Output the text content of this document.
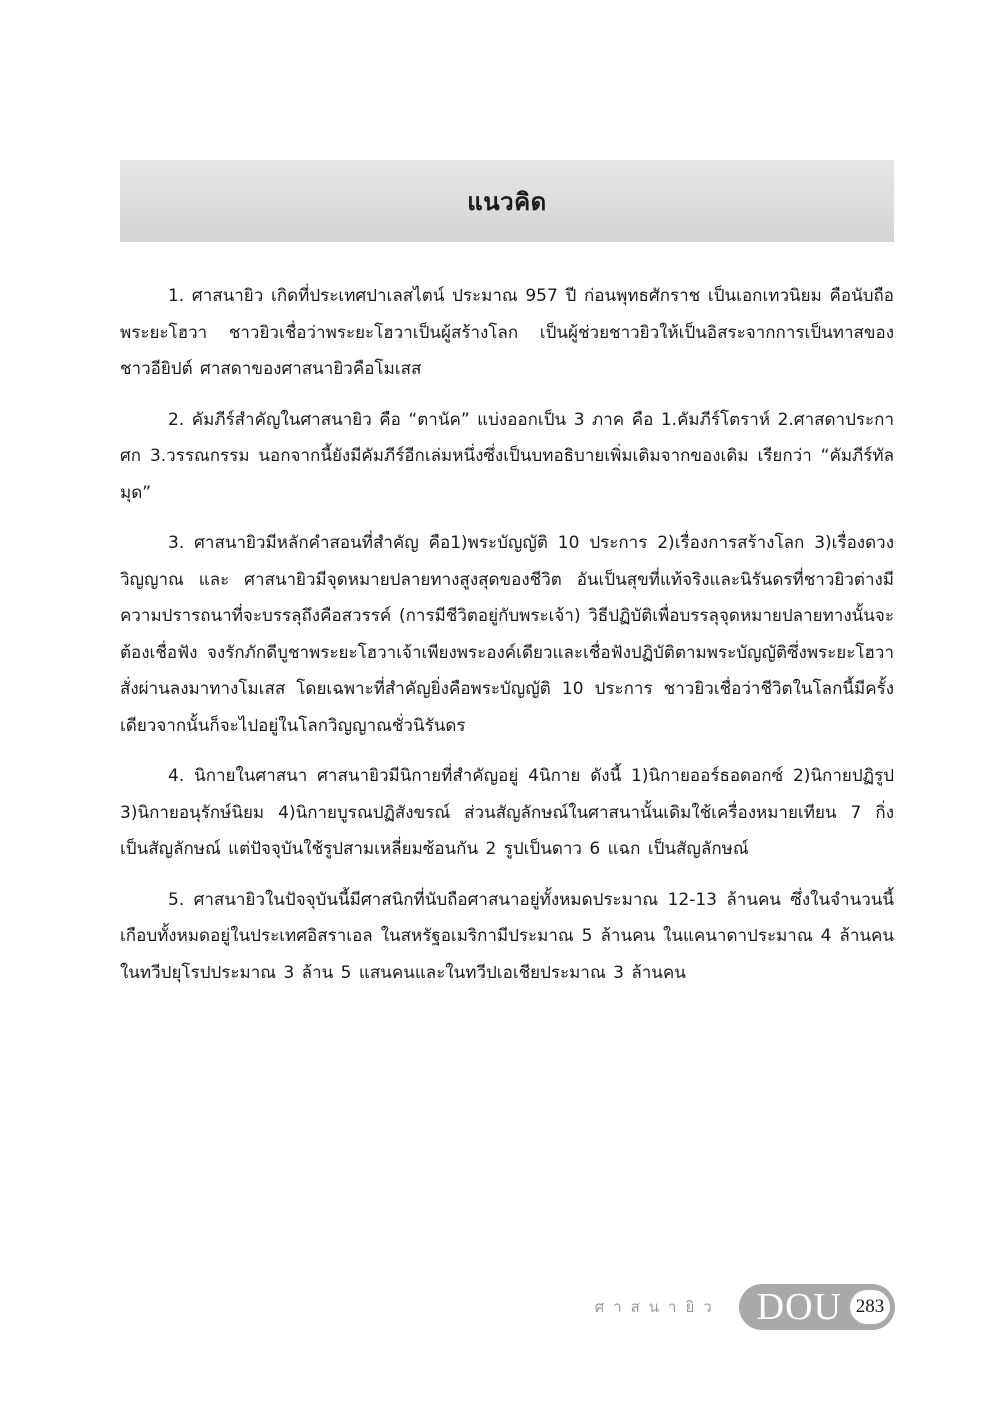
แนวคิด

1. ศาสนายิว เกิดที่ประเทศปาเลสไตน์ ประมาณ 957 ปี ก่อนพุทธศักราช เป็นเอกเทวนิยม คือนับถือพระยะโฮวา ชาวยิวเชื่อว่าพระยะโฮวาเป็นผู้สร้างโลก เป็นผู้ช่วยชาวยิวให้เป็นอิสระจากการเป็นทาสของชาวอียิปต์ ศาสดาของศาสนายิวคือโมเสส

2. คัมภีร์สำคัญในศาสนายิว คือ “ตานัค” แบ่งออกเป็น 3 ภาค คือ 1.คัมภีร์โตราห์ 2.ศาสดาประกาศก 3.วรรณกรรม นอกจากนี้ยังมีคัมภีร์อีกเล่มหนึ่งซึ่งเป็นบทอธิบายเพิ่มเติมจากของเดิม เรียกว่า “คัมภีร์ทัลมุด”

3. ศาสนายิวมีหลักคำสอนที่สำคัญ คือ1)พระบัญญัติ 10 ประการ 2)เรื่องการสร้างโลก 3)เรื่องดวงวิญญาณ และ ศาสนายิวมีจุดหมายปลายทางสูงสุดของชีวิต อันเป็นสุขที่แท้จริงและนิรันดรที่ชาวยิวต่างมีความปรารถนาที่จะบรรลุถึงคือสวรรค์ (การมีชีวิตอยู่กับพระเจ้า) วิธีปฏิบัติเพื่อบรรลุจุดหมายปลายทางนั้นจะต้องเชื่อฟัง จงรักภักดีบูชาพระยะโฮวาเจ้าเพียงพระองค์เดียวและเชื่อฟังปฏิบัติตามพระบัญญัติซึ่งพระยะโฮวาสั่งผ่านลงมาทางโมเสส โดยเฉพาะที่สำคัญยิ่งคือพระบัญญัติ 10 ประการ ชาวยิวเชื่อว่าชีวิตในโลกนี้มีครั้งเดียวจากนั้นก็จะไปอยู่ในโลกวิญญาณชั่วนิรันดร

4. นิกายในศาสนา ศาสนายิวมีนิกายที่สำคัญอยู่ 4นิกาย ดังนี้ 1)นิกายออร์ธอดอกซ์ 2)นิกายปฏิรูป 3)นิกายอนุรักษ์นิยม 4)นิกายบูรณปฏิสังขรณ์ ส่วนสัญลักษณ์ในศาสนานั้นเดิมใช้เครื่องหมายเทียน 7 กิ่ง เป็นสัญลักษณ์ แต่ปัจจุบันใช้รูปสามเหลี่ยมซ้อนกัน 2 รูปเป็นดาว 6 แฉก เป็นสัญลักษณ์

5. ศาสนายิวในปัจจุบันนี้มีศาสนิกที่นับถือศาสนาอยู่ทั้งหมดประมาณ 12-13 ล้านคน ซึ่งในจำนวนนี้เกือบทั้งหมดอยู่ในประเทศอิสราเอล ในสหรัฐอเมริกามีประมาณ 5 ล้านคน ในแคนาดาประมาณ 4 ล้านคน ในทวีปยุโรปประมาณ 3 ล้าน 5 แสนคนและในทวีปเอเชียประมาณ 3 ล้านคน

ศาสนายิว DOU 283
